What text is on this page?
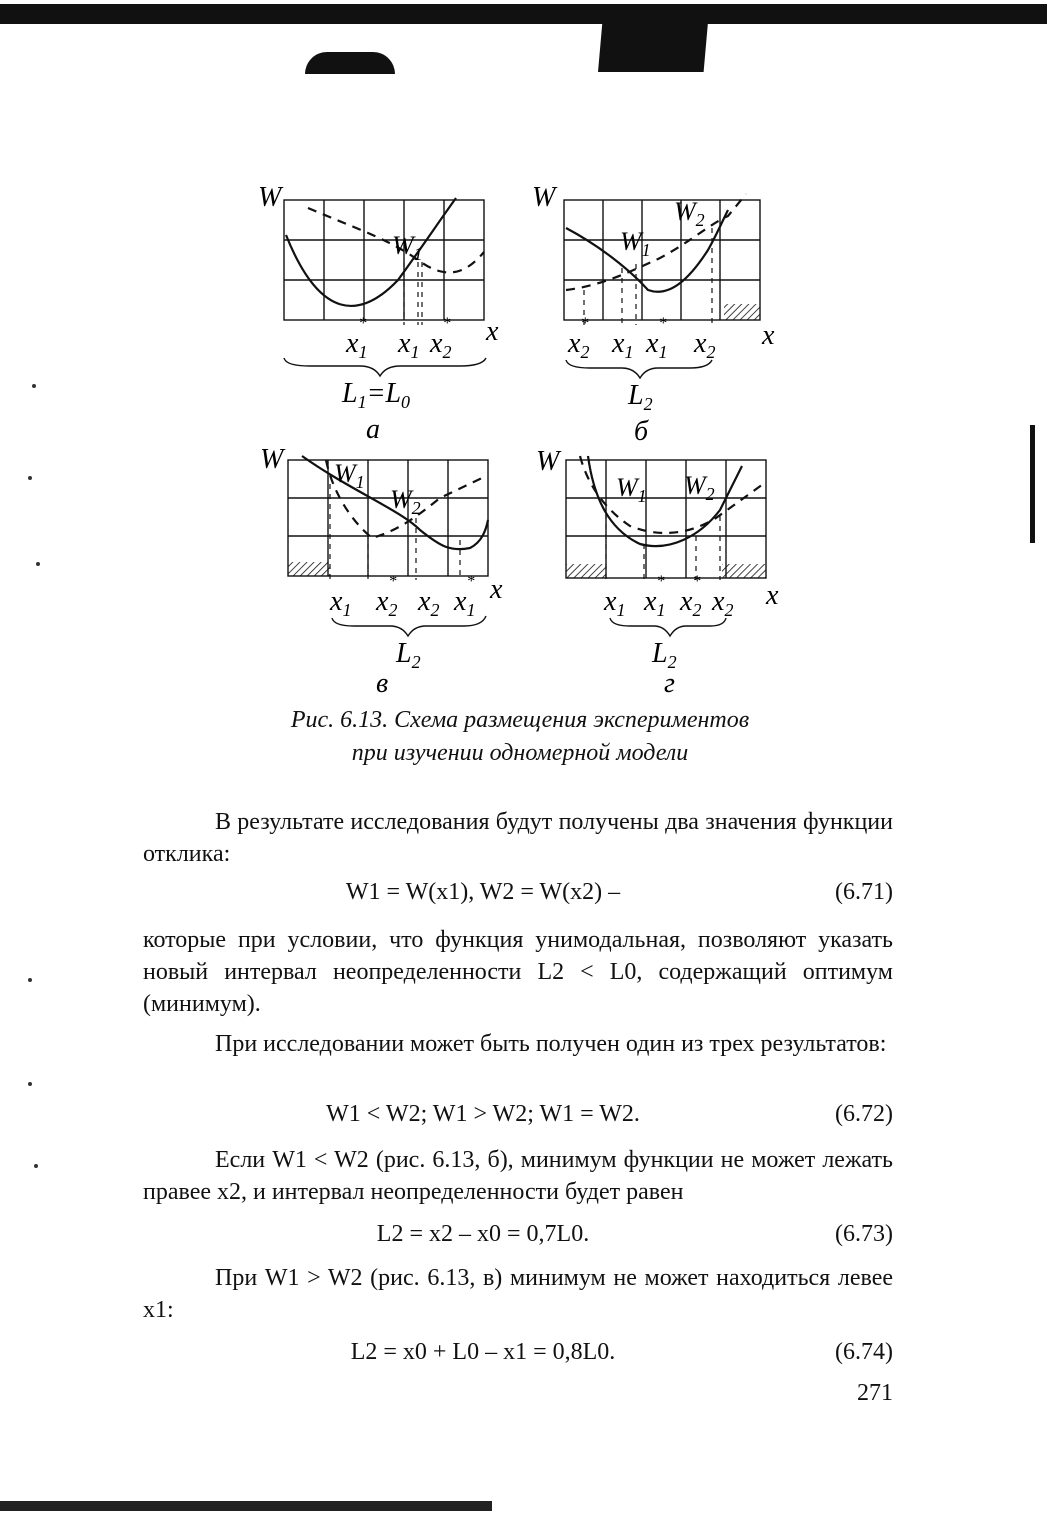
W
x
$W_1$
$x_1*$
$x_1$ $x_2*$
$L_1=L_0$
а
W
x
$W_1$
$W_2$
$x_2*$
$x_1$ $x_1*$
$x_2$
$L_2$
б
W
x
$W_1$
$W_2$
$x_1$ $x_2*$
$x_2$ $x_1*$
$L_2$
в
W
x
$W_1$ $W_2$
$x_1$ $x_1*$
$x_2*$
$x_2$
$L_2$
г
Рис. 6.13. Схема размещения экспериментов
при изучении одномерной модели
В результате исследования будут получены два значения функции отклика:
W1 = W(x1), W2 = W(x2) –	(6.71)
которые при условии, что функция унимодальная, позволяют указать новый интервал неопределенности L2 < L0, содержащий оптимум (минимум).
При исследовании может быть получен один из трех результатов:
W1 < W2; W1 > W2; W1 = W2.	(6.72)
Если W1 < W2 (рис. 6.13, б), минимум функции не может лежать правее x2, и интервал неопределенности будет равен
L2 = x2 – x0 = 0,7L0.	(6.73)
При W1 > W2 (рис. 6.13, в) минимум не может находиться левее x1:
L2 = x0 + L0 – x1 = 0,8L0.	(6.74)
271
